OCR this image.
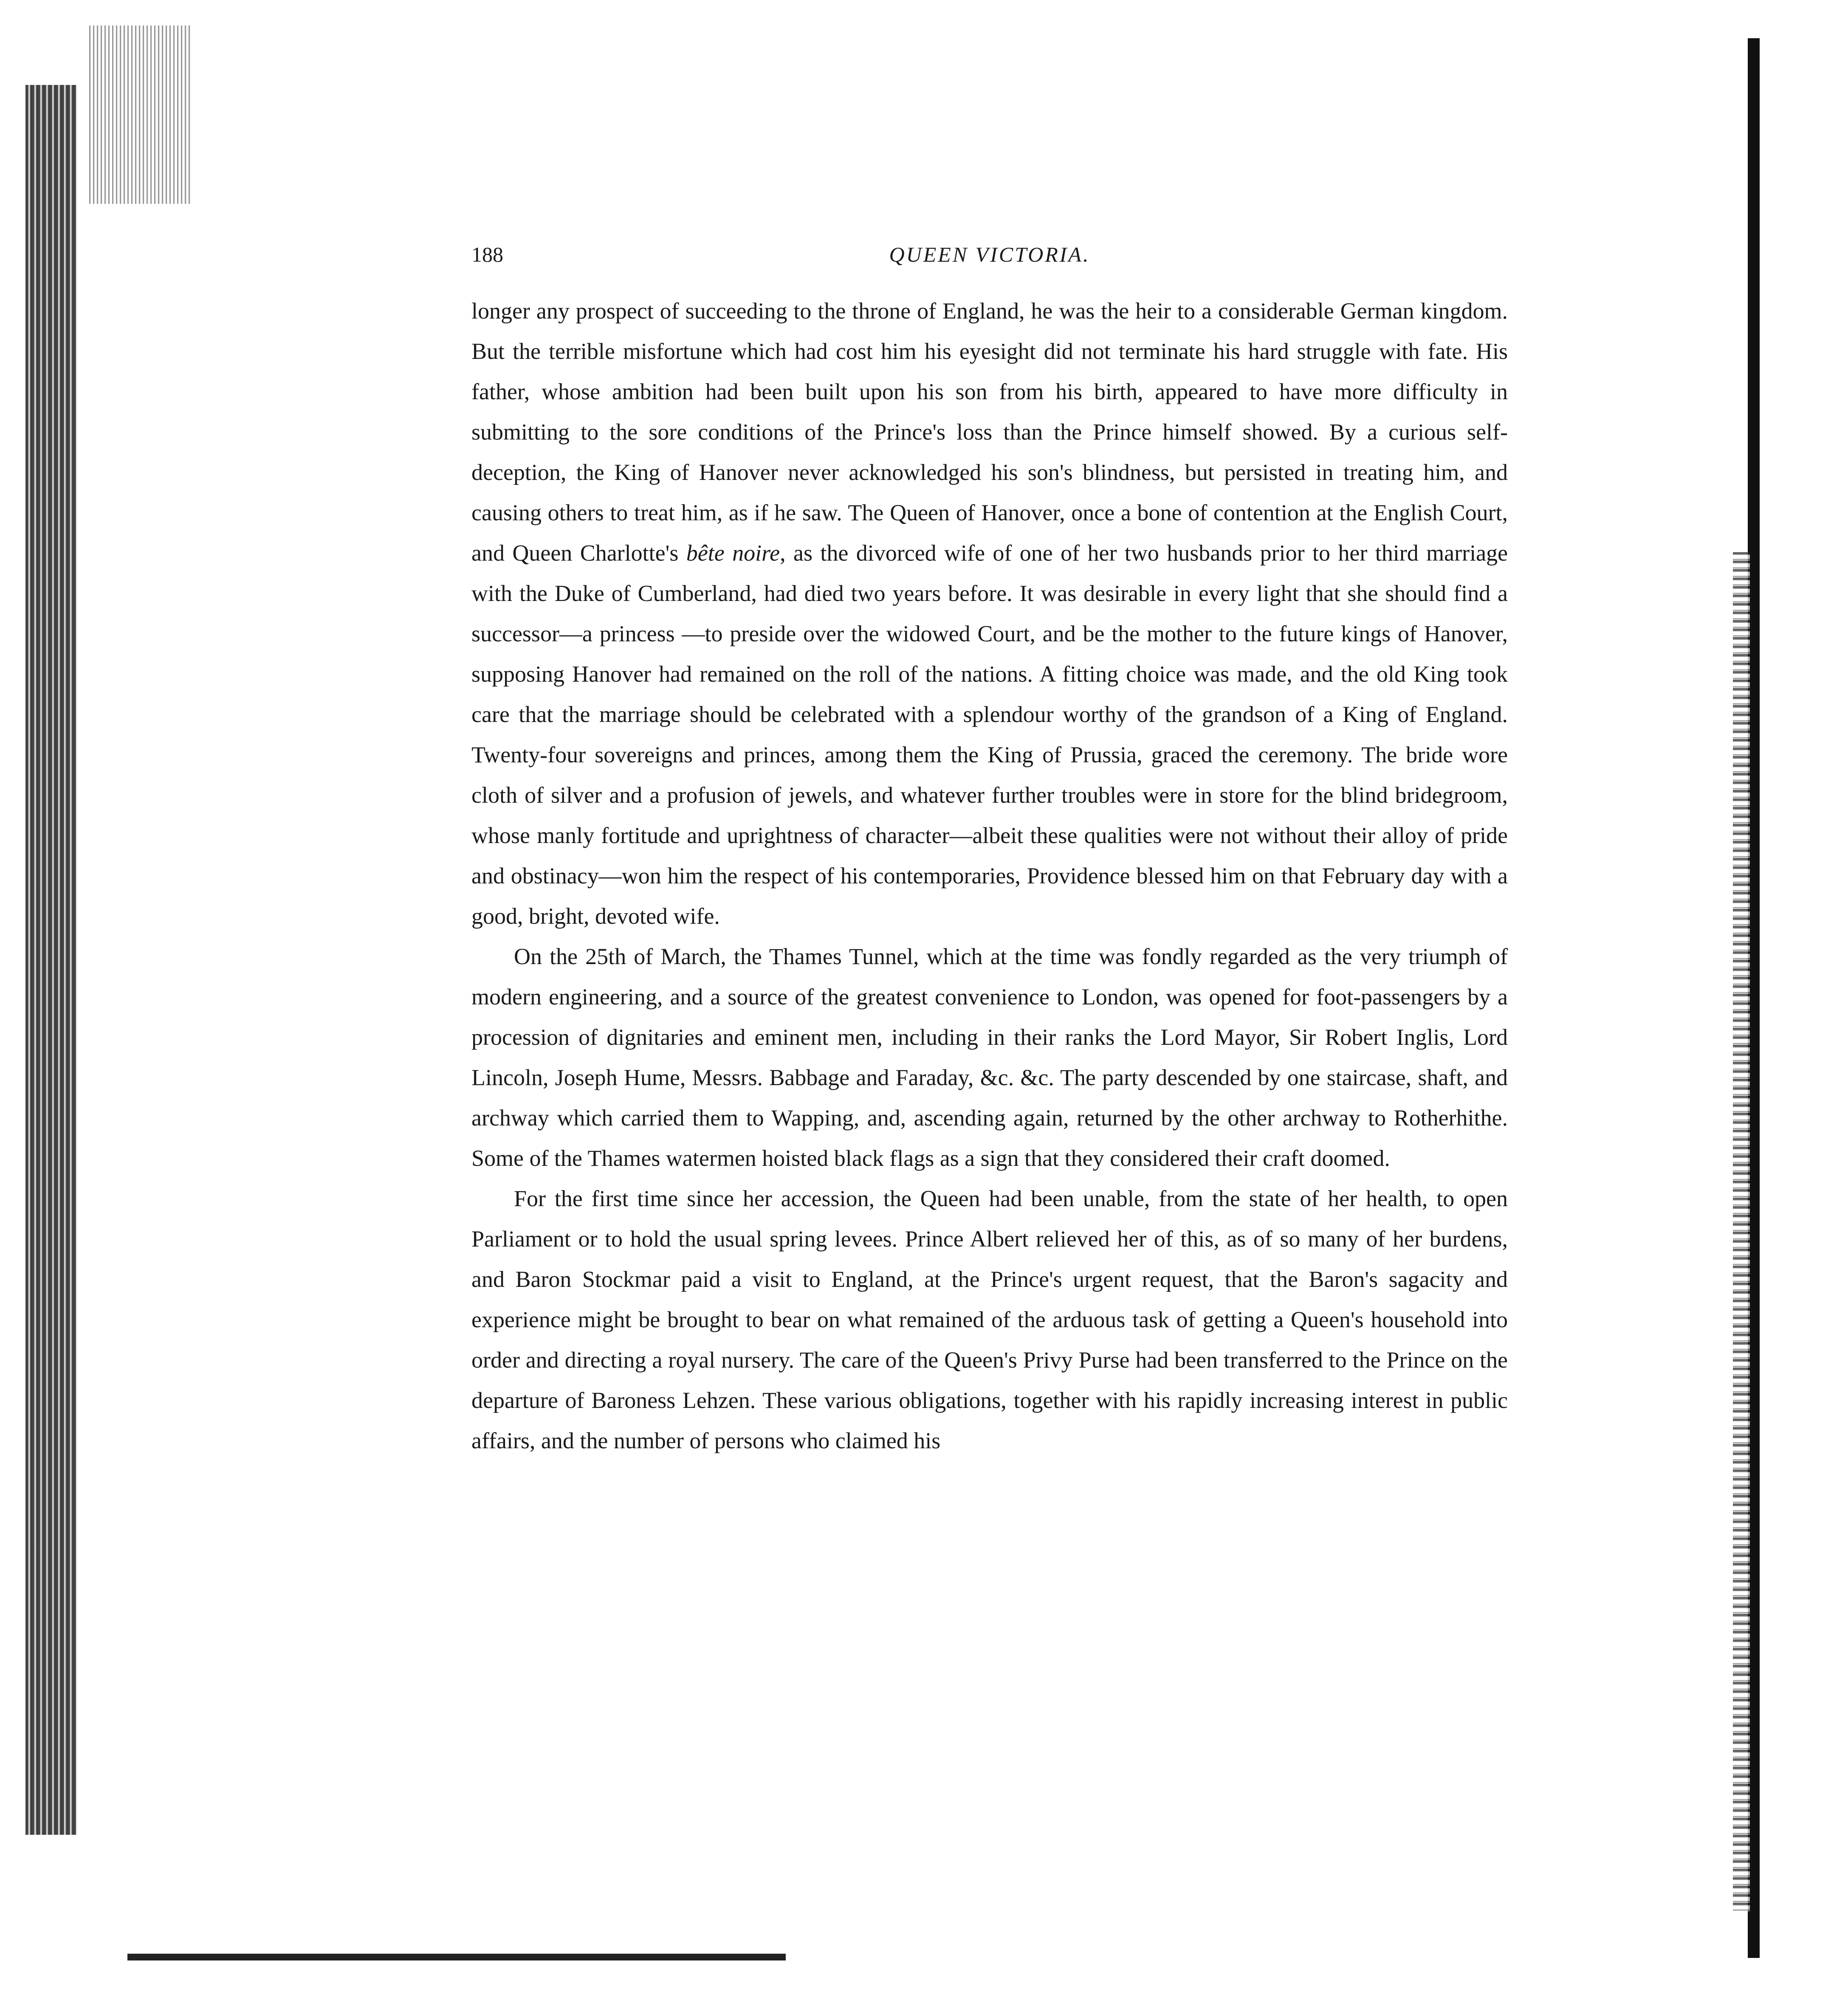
188	QUEEN VICTORIA.

longer any prospect of succeeding to the throne of England, he was the heir to a considerable German kingdom. But the terrible misfortune which had cost him his eyesight did not terminate his hard struggle with fate. His father, whose ambition had been built upon his son from his birth, appeared to have more difficulty in submitting to the sore conditions of the Prince's loss than the Prince himself showed. By a curious self-deception, the King of Hanover never acknowledged his son's blindness, but persisted in treating him, and causing others to treat him, as if he saw. The Queen of Hanover, once a bone of contention at the English Court, and Queen Charlotte's bête noire, as the divorced wife of one of her two husbands prior to her third marriage with the Duke of Cumberland, had died two years before. It was desirable in every light that she should find a successor—a princess —to preside over the widowed Court, and be the mother to the future kings of Hanover, supposing Hanover had remained on the roll of the nations. A fitting choice was made, and the old King took care that the marriage should be celebrated with a splendour worthy of the grandson of a King of England. Twenty-four sovereigns and princes, among them the King of Prussia, graced the ceremony. The bride wore cloth of silver and a profusion of jewels, and whatever further troubles were in store for the blind bridegroom, whose manly fortitude and uprightness of character—albeit these qualities were not without their alloy of pride and obstinacy—won him the respect of his contemporaries, Providence blessed him on that February day with a good, bright, devoted wife.

On the 25th of March, the Thames Tunnel, which at the time was fondly regarded as the very triumph of modern engineering, and a source of the greatest convenience to London, was opened for foot-passengers by a procession of dignitaries and eminent men, including in their ranks the Lord Mayor, Sir Robert Inglis, Lord Lincoln, Joseph Hume, Messrs. Babbage and Faraday, &c. &c. The party descended by one staircase, shaft, and archway which carried them to Wapping, and, ascending again, returned by the other archway to Rotherhithe. Some of the Thames watermen hoisted black flags as a sign that they considered their craft doomed.

For the first time since her accession, the Queen had been unable, from the state of her health, to open Parliament or to hold the usual spring levees. Prince Albert relieved her of this, as of so many of her burdens, and Baron Stockmar paid a visit to England, at the Prince's urgent request, that the Baron's sagacity and experience might be brought to bear on what remained of the arduous task of getting a Queen's household into order and directing a royal nursery. The care of the Queen's Privy Purse had been transferred to the Prince on the departure of Baroness Lehzen. These various obligations, together with his rapidly increasing interest in public affairs, and the number of persons who claimed his
